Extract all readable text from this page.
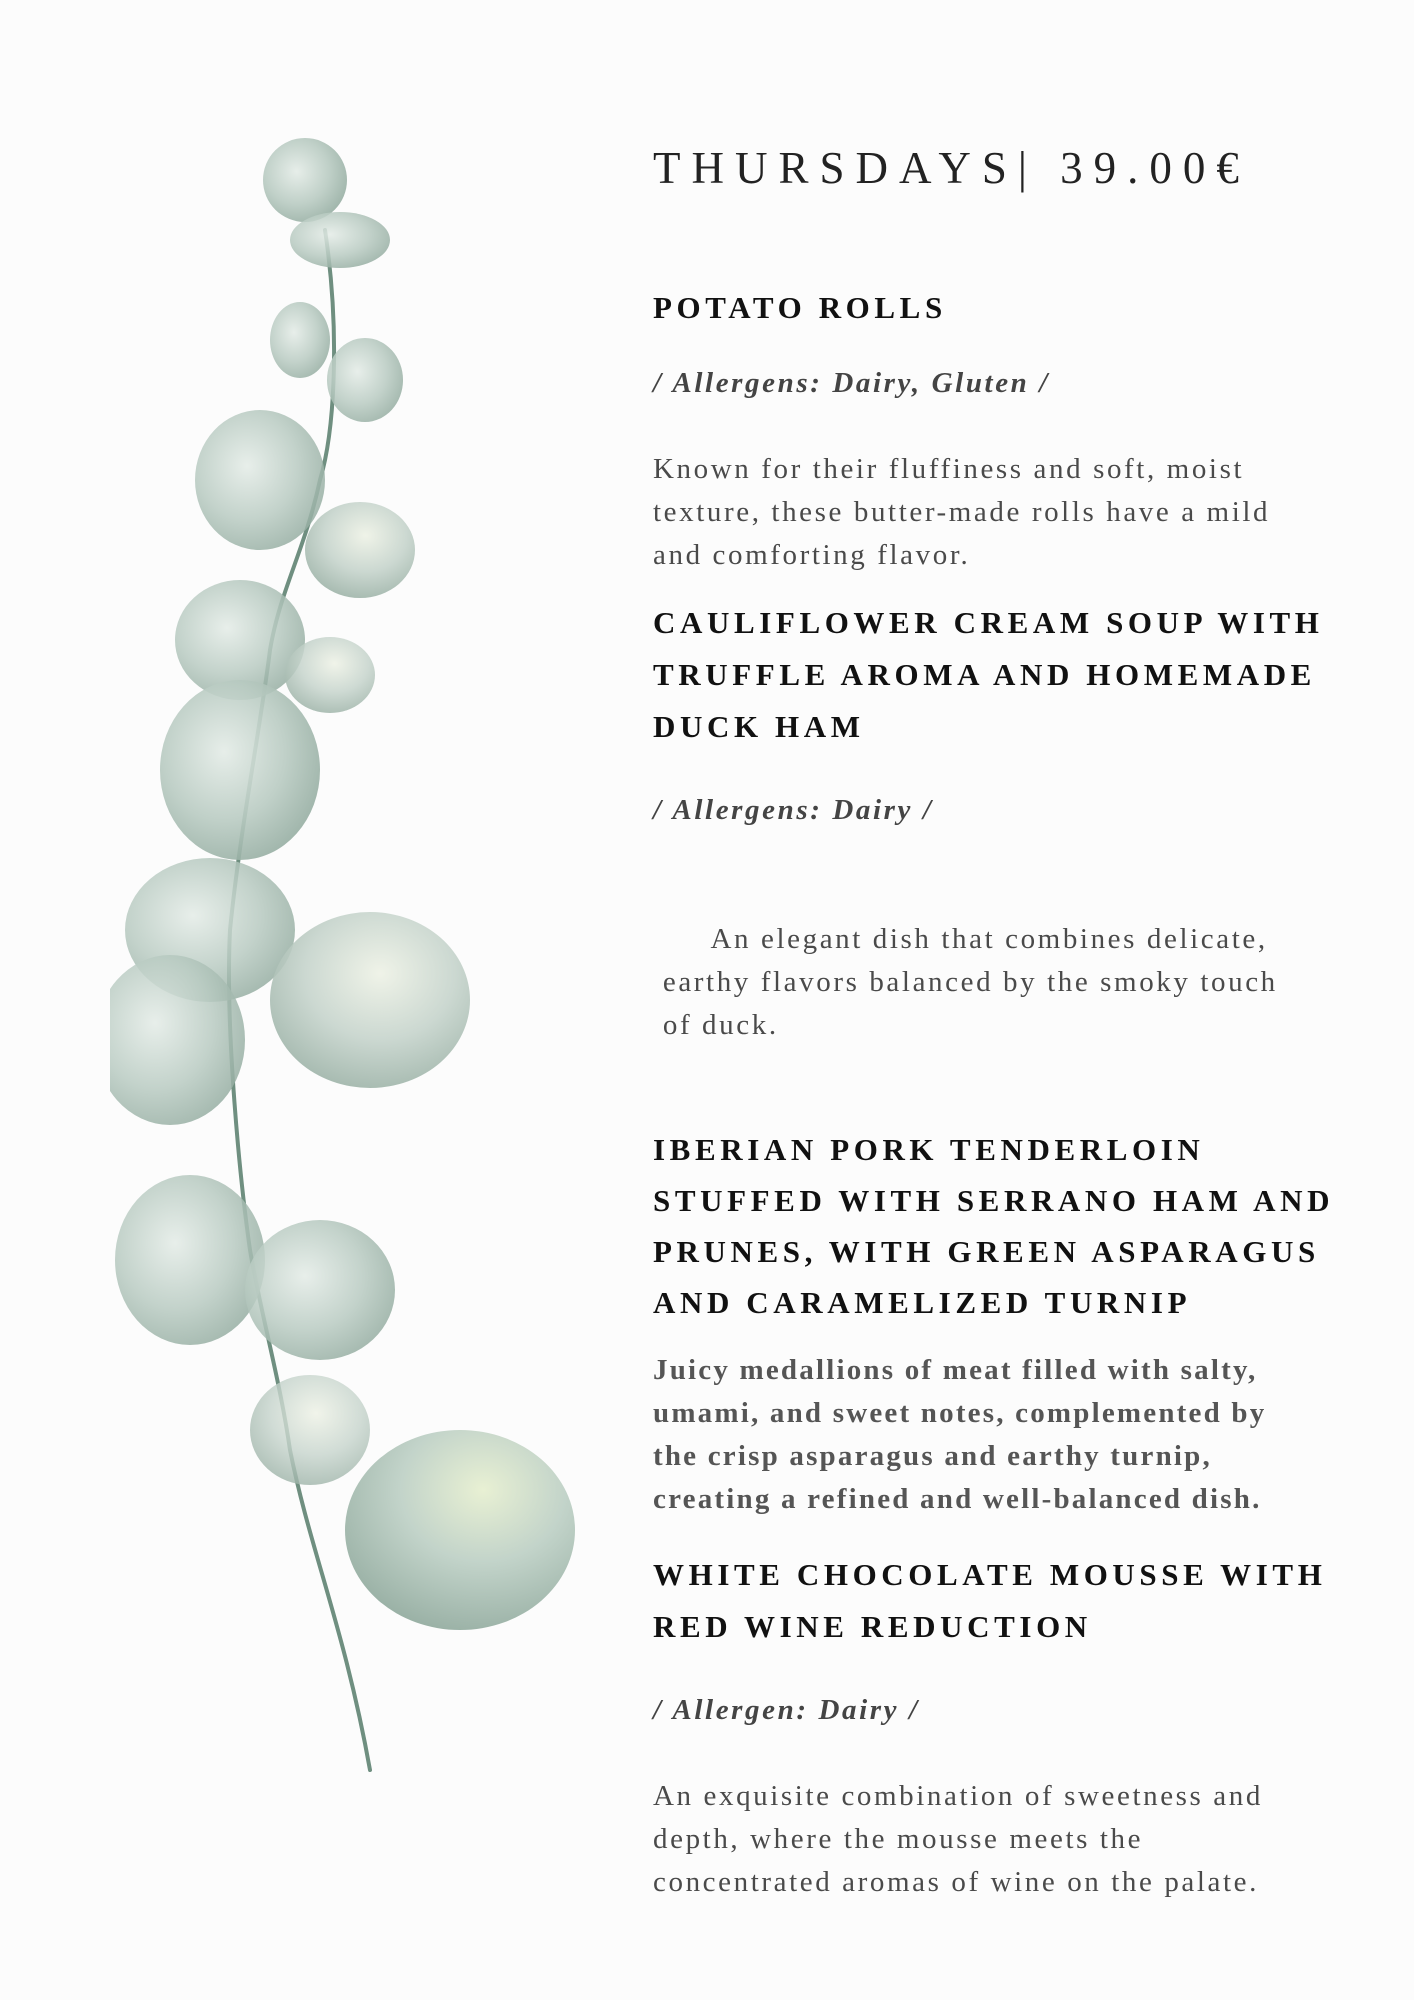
THURSDAYS| 39.00€

POTATO ROLLS

/ Allergens: Dairy, Gluten /

Known for their fluffiness and soft, moist
texture, these butter-made rolls have a mild
and comforting flavor.

CAULIFLOWER CREAM SOUP WITH
TRUFFLE AROMA AND HOMEMADE
DUCK HAM

/ Allergens: Dairy /

An elegant dish that combines delicate,
earthy flavors balanced by the smoky touch
of duck.

IBERIAN PORK TENDERLOIN
STUFFED WITH SERRANO HAM AND
PRUNES, WITH GREEN ASPARAGUS
AND CARAMELIZED TURNIP

Juicy medallions of meat filled with salty,
umami, and sweet notes, complemented by
the crisp asparagus and earthy turnip,
creating a refined and well-balanced dish.

WHITE CHOCOLATE MOUSSE WITH
RED WINE REDUCTION

/ Allergen: Dairy /

An exquisite combination of sweetness and
depth, where the mousse meets the
concentrated aromas of wine on the palate.
